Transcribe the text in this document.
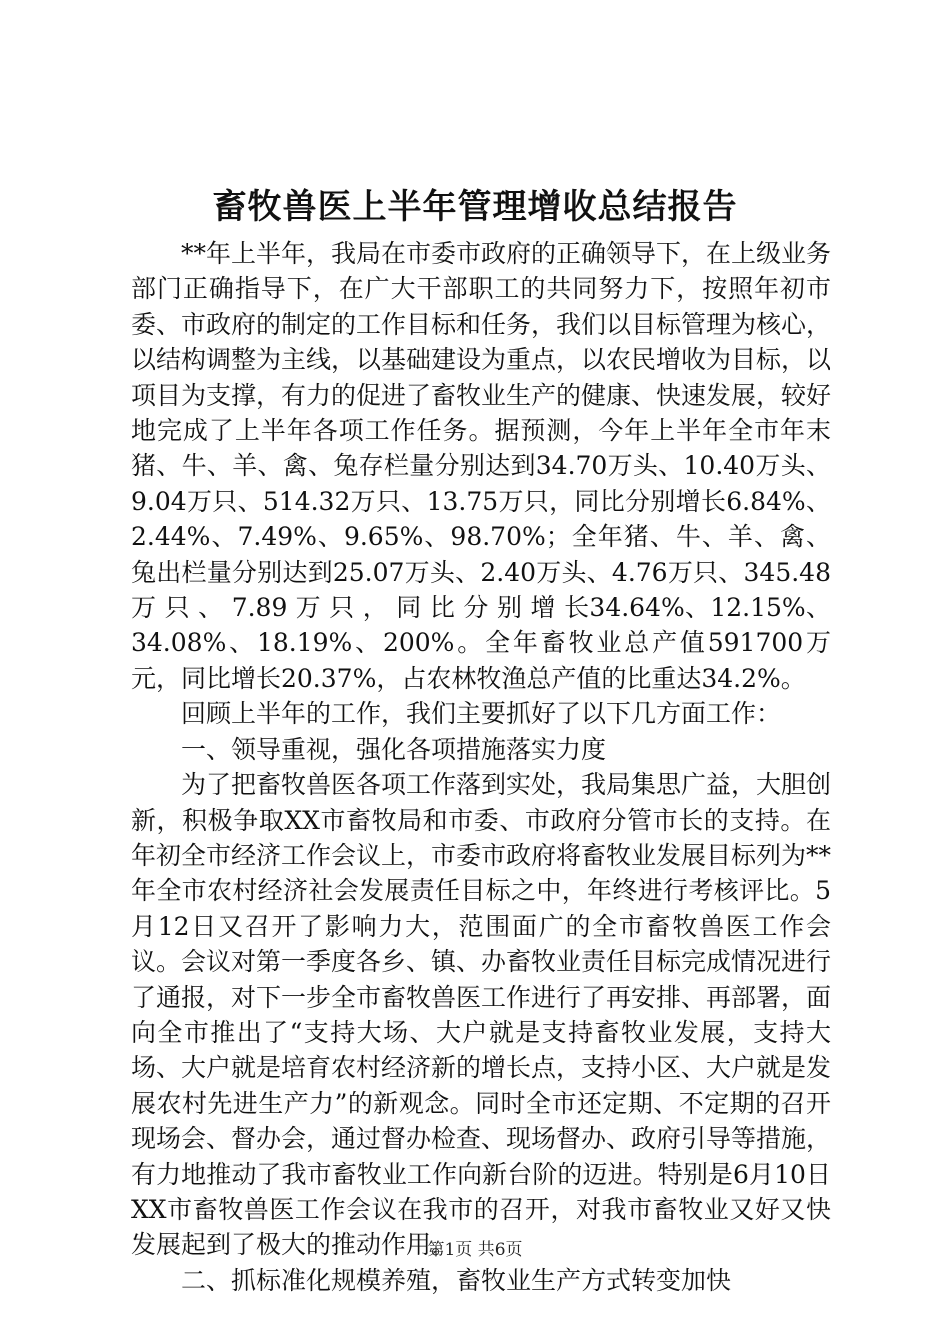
畜牧兽医上半年管理增收总结报告

**年上半年，我局在市委市政府的正确领导下，在上级业务部门正确指导下，在广大干部职工的共同努力下，按照年初市委、市政府的制定的工作目标和任务，我们以目标管理为核心，以结构调整为主线，以基础建设为重点，以农民增收为目标，以项目为支撑，有力的促进了畜牧业生产的健康、快速发展，较好地完成了上半年各项工作任务。据预测，今年上半年全市年末猪、牛、羊、禽、兔存栏量分别达到34.70万头、10.40万头、9.04万只、514.32万只、13.75万只，同比分别增长6.84%、2.44%、7.49%、9.65%、98.70%；全年猪、牛、羊、禽、兔出栏量分别达到25.07万头、2.40万头、4.76万只、345.48 万 只 、 7.89 万 只 ， 同 比 分 别 增 长34.64%、12.15%、34.08%、18.19%、200%。全年畜牧业总产值591700万元，同比增长20.37%，占农林牧渔总产值的比重达34.2%。

回顾上半年的工作，我们主要抓好了以下几方面工作：

一、领导重视，强化各项措施落实力度

为了把畜牧兽医各项工作落到实处，我局集思广益，大胆创新，积极争取XX市畜牧局和市委、市政府分管市长的支持。在年初全市经济工作会议上，市委市政府将畜牧业发展目标列为**年全市农村经济社会发展责任目标之中，年终进行考核评比。5月12日又召开了影响力大，范围面广的全市畜牧兽医工作会议。会议对第一季度各乡、镇、办畜牧业责任目标完成情况进行了通报，对下一步全市畜牧兽医工作进行了再安排、再部署，面向全市推出了“支持大场、大户就是支持畜牧业发展，支持大场、大户就是培育农村经济新的增长点，支持小区、大户就是发展农村先进生产力”的新观念。同时全市还定期、不定期的召开现场会、督办会，通过督办检查、现场督办、政府引导等措施，有力地推动了我市畜牧业工作向新台阶的迈进。特别是6月10日XX市畜牧兽医工作会议在我市的召开，对我市畜牧业又好又快发展起到了极大的推动作用。

二、抓标准化规模养殖，畜牧业生产方式转变加快

第1页 共6页
